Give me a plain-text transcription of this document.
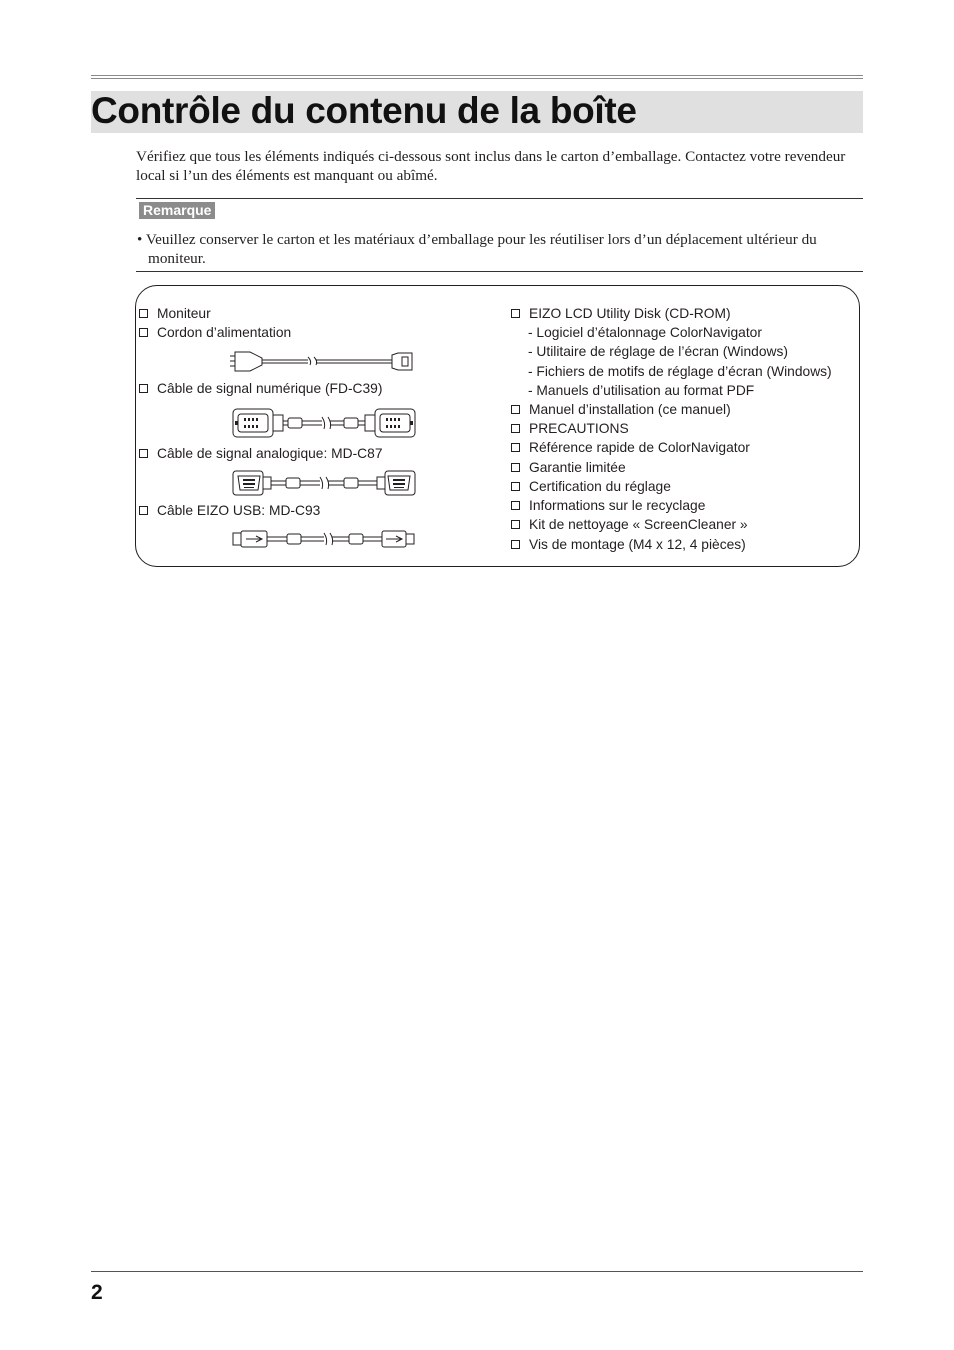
Contrôle du contenu de la boîte

Vérifiez que tous les éléments indiqués ci-dessous sont inclus dans le carton d’emballage. Contactez votre revendeur local si l’un des éléments est manquant ou abîmé.

Remarque

• Veuillez conserver le carton et les matériaux d’emballage pour les réutiliser lors d’un déplacement ultérieur du moniteur.

Moniteur
Cordon d’alimentation
Câble de signal numérique (FD-C39)
Câble de signal analogique: MD-C87
Câble EIZO USB: MD-C93
EIZO LCD Utility Disk (CD-ROM)
- Logiciel d’étalonnage ColorNavigator
- Utilitaire de réglage de l’écran (Windows)
- Fichiers de motifs de réglage d’écran (Windows)
- Manuels d’utilisation au format PDF
Manuel d’installation (ce manuel)
PRECAUTIONS
Référence rapide de ColorNavigator
Garantie limitée
Certification du réglage
Informations sur le recyclage
Kit de nettoyage « ScreenCleaner »
Vis de montage (M4 x 12, 4 pièces)
2
